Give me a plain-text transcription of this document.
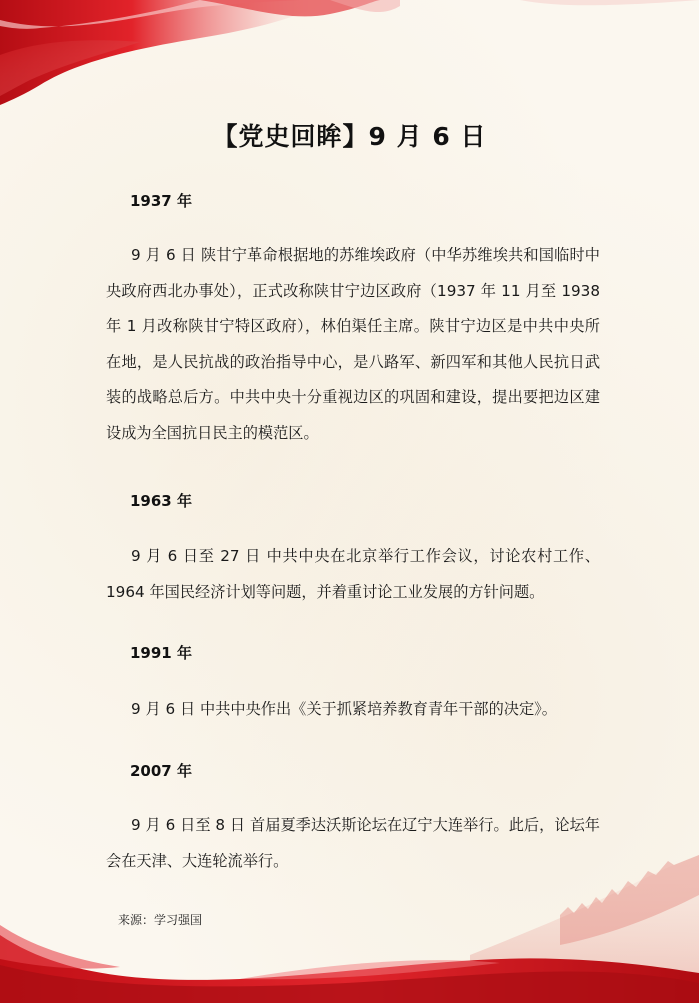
【党史回眸】9 月 6 日
1937 年
9 月 6 日 陕甘宁革命根据地的苏维埃政府（中华苏维埃共和国临时中央政府西北办事处），正式改称陕甘宁边区政府（1937 年 11 月至 1938 年 1 月改称陕甘宁特区政府），林伯渠任主席。陕甘宁边区是中共中央所在地，是人民抗战的政治指导中心，是八路军、新四军和其他人民抗日武装的战略总后方。中共中央十分重视边区的巩固和建设，提出要把边区建设成为全国抗日民主的模范区。
1963 年
9 月 6 日至 27 日 中共中央在北京举行工作会议，讨论农村工作、1964 年国民经济计划等问题，并着重讨论工业发展的方针问题。
1991 年
9 月 6 日 中共中央作出《关于抓紧培养教育青年干部的决定》。
2007 年
9 月 6 日至 8 日 首届夏季达沃斯论坛在辽宁大连举行。此后，论坛年会在天津、大连轮流举行。
来源：学习强国
